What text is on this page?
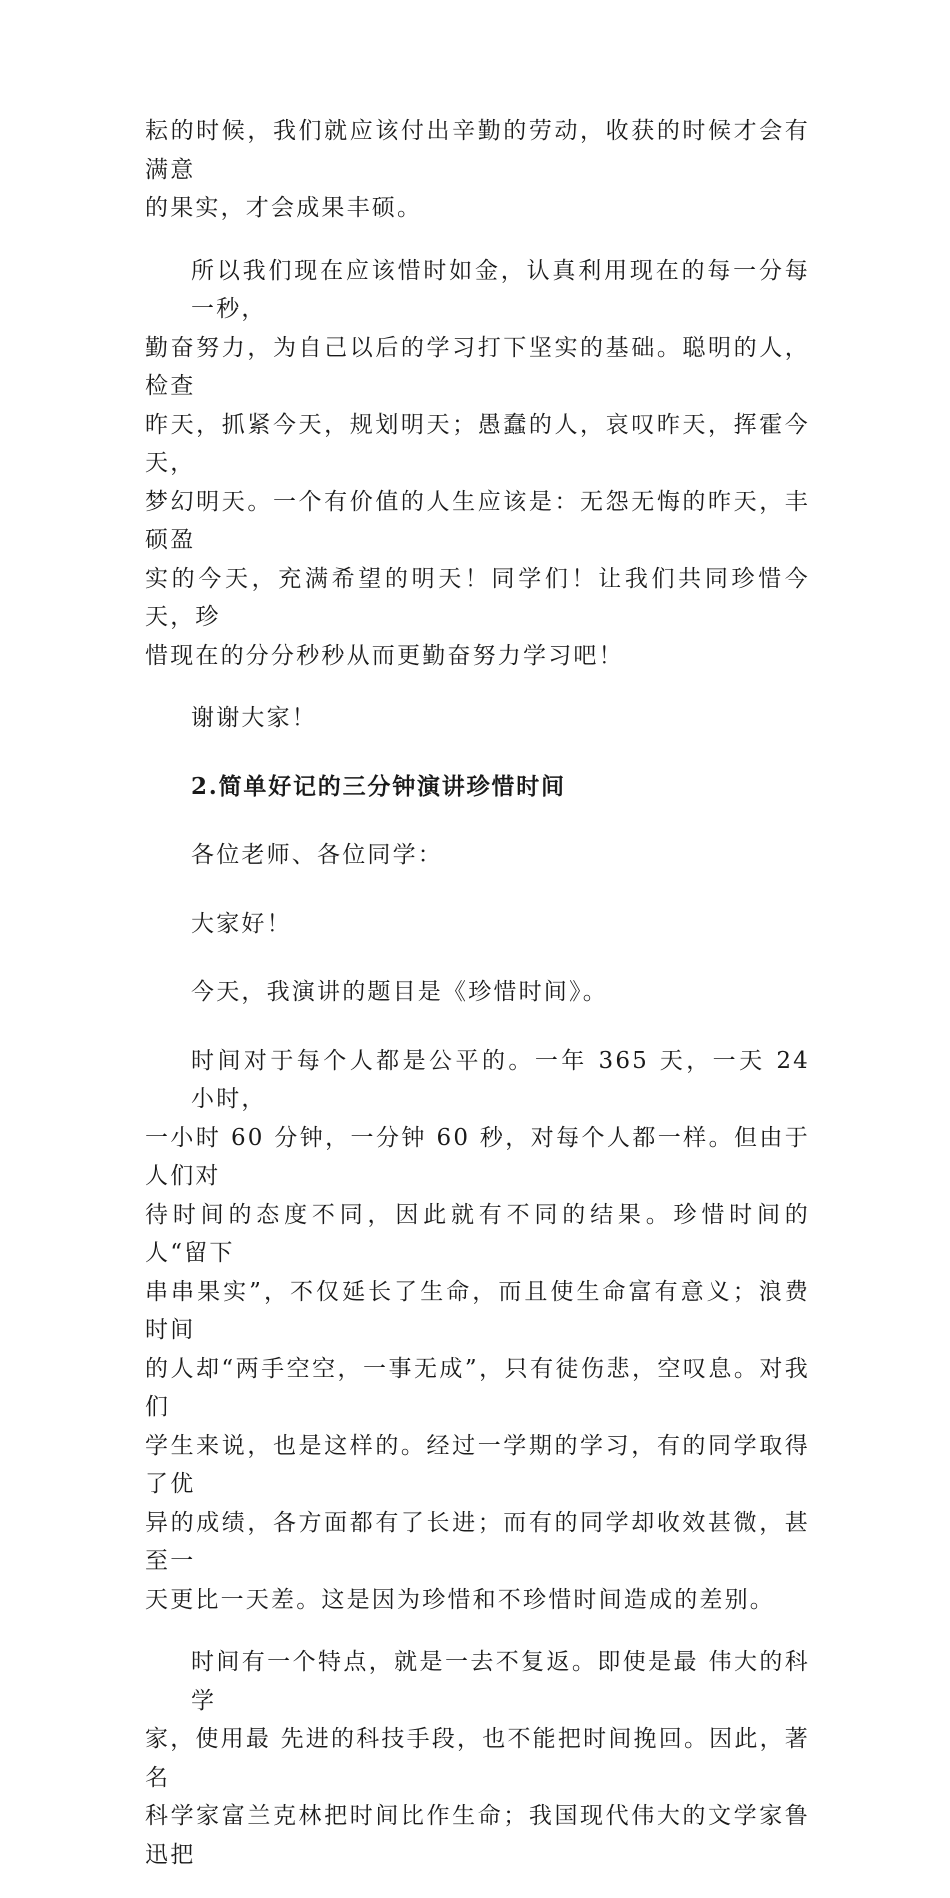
耘的时候，我们就应该付出辛勤的劳动，收获的时候才会有满意
的果实，才会成果丰硕。

所以我们现在应该惜时如金，认真利用现在的每一分每一秒，
勤奋努力，为自己以后的学习打下坚实的基础。聪明的人，检查
昨天，抓紧今天，规划明天；愚蠢的人，哀叹昨天，挥霍今天，
梦幻明天。一个有价值的人生应该是：无怨无悔的昨天，丰硕盈
实的今天，充满希望的明天！同学们！让我们共同珍惜今天，珍
惜现在的分分秒秒从而更勤奋努力学习吧！

谢谢大家！

2.简单好记的三分钟演讲珍惜时间

各位老师、各位同学：

大家好！

今天，我演讲的题目是《珍惜时间》。

时间对于每个人都是公平的。一年 365 天，一天 24 小时，
一小时 60 分钟，一分钟 60 秒，对每个人都一样。但由于人们对
待时间的态度不同，因此就有不同的结果。珍惜时间的人“留下
串串果实”，不仅延长了生命，而且使生命富有意义；浪费时间
的人却“两手空空，一事无成”，只有徒伤悲，空叹息。对我们
学生来说，也是这样的。经过一学期的学习，有的同学取得了优
异的成绩，各方面都有了长进；而有的同学却收效甚微，甚至一
天更比一天差。这是因为珍惜和不珍惜时间造成的差别。

时间有一个特点，就是一去不复返。即使是最 伟大的科学
家，使用最 先进的科技手段，也不能把时间挽回。因此，著 名
科学家富兰克林把时间比作生命；我国现代伟大的文学家鲁迅把
